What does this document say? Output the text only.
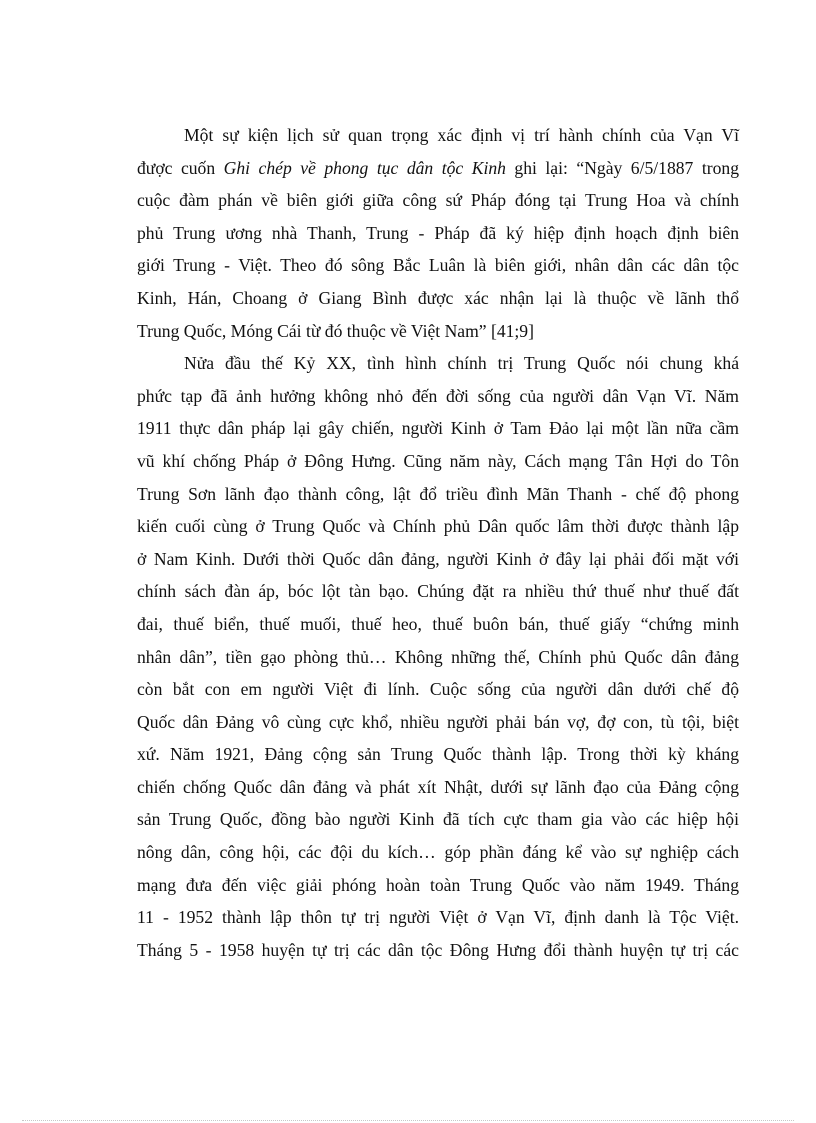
Một sự kiện lịch sử quan trọng xác định vị trí hành chính của Vạn Vĩ
được cuốn Ghi chép về phong tục dân tộc Kinh ghi lại: “Ngày 6/5/1887 trong
cuộc đàm phán về biên giới giữa công sứ Pháp đóng tại Trung Hoa và chính
phủ Trung ương nhà Thanh, Trung - Pháp đã ký hiệp định hoạch định biên
giới Trung - Việt. Theo đó sông Bắc Luân là biên giới, nhân dân các dân tộc
Kinh, Hán, Choang ở Giang Bình được xác nhận lại là thuộc về lãnh thổ
Trung Quốc, Móng Cái từ đó thuộc về Việt Nam” [41;9]
Nửa đầu thế Kỷ XX, tình hình chính trị Trung Quốc nói chung khá
phức tạp đã ảnh hưởng không nhỏ đến đời sống của người dân Vạn Vĩ. Năm
1911 thực dân pháp lại gây chiến, người Kinh ở Tam Đảo lại một lần nữa cầm
vũ khí chống Pháp ở Đông Hưng. Cũng năm này, Cách mạng Tân Hợi do Tôn
Trung Sơn lãnh đạo thành công, lật đổ triều đình Mãn Thanh - chế độ phong
kiến cuối cùng ở Trung Quốc và Chính phủ Dân quốc lâm thời được thành lập
ở Nam Kinh. Dưới thời Quốc dân đảng, người Kinh ở đây lại phải đối mặt với
chính sách đàn áp, bóc lột tàn bạo. Chúng đặt ra nhiều thứ thuế như thuế đất
đai, thuế biển, thuế muối, thuế heo, thuế buôn bán, thuế giấy “chứng minh
nhân dân”, tiền gạo phòng thủ… Không những thế, Chính phủ Quốc dân đảng
còn bắt con em người Việt đi lính. Cuộc sống của người dân dưới chế độ
Quốc dân Đảng vô cùng cực khổ, nhiều người phải bán vợ, đợ con, tù tội, biệt
xứ. Năm 1921, Đảng cộng sản Trung Quốc thành lập. Trong thời kỳ kháng
chiến chống Quốc dân đảng và phát xít Nhật, dưới sự lãnh đạo của Đảng cộng
sản Trung Quốc, đồng bào người Kinh đã tích cực tham gia vào các hiệp hội
nông dân, công hội, các đội du kích… góp phần đáng kể vào sự nghiệp cách
mạng đưa đến việc giải phóng hoàn toàn Trung Quốc vào năm 1949. Tháng
11 - 1952 thành lập thôn tự trị người Việt ở Vạn Vĩ, định danh là Tộc Việt.
Tháng 5 - 1958 huyện tự trị các dân tộc Đông Hưng đổi thành huyện tự trị các
